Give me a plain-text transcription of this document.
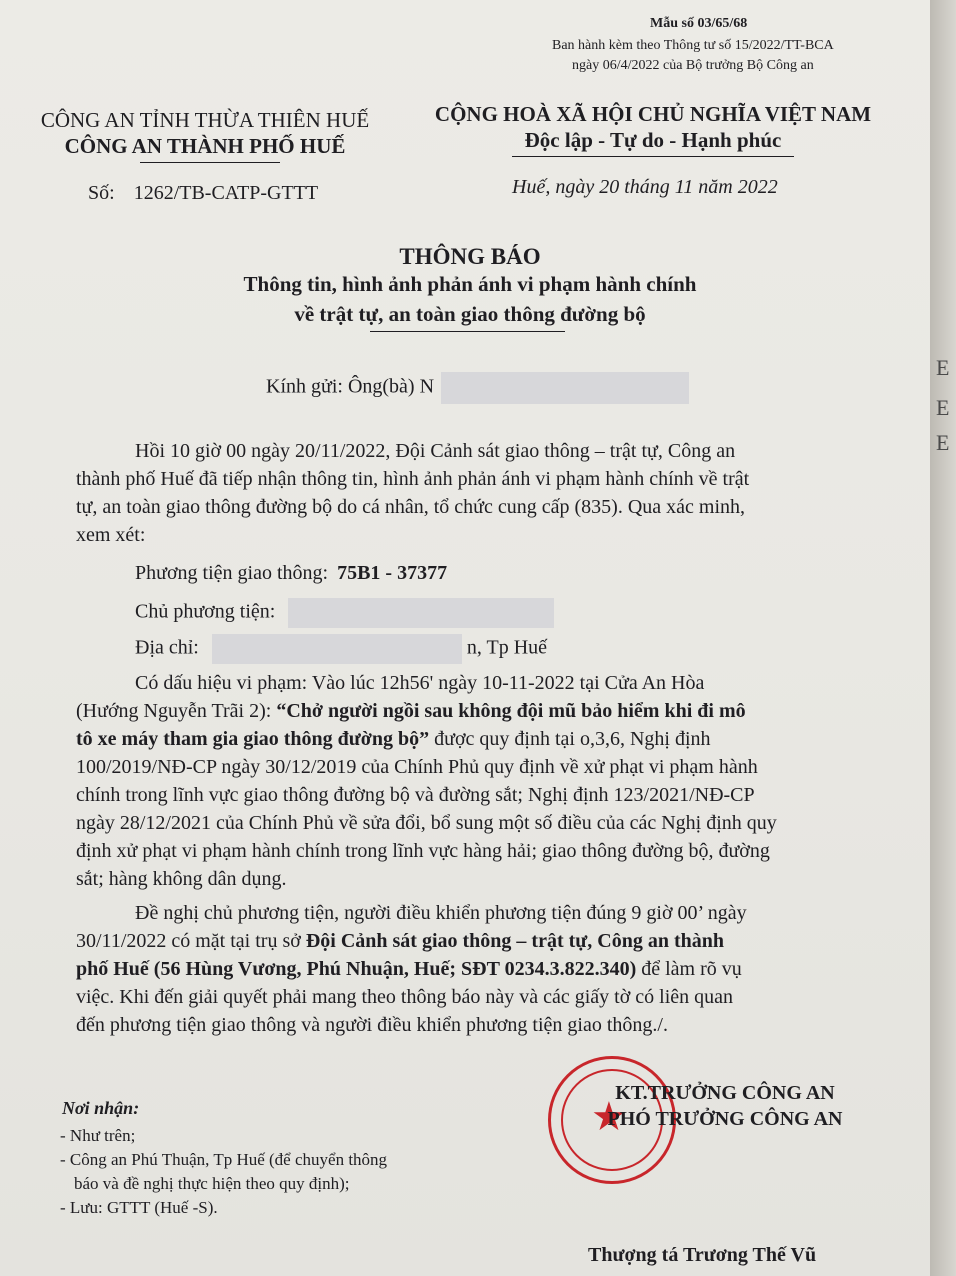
Mẫu số 03/65/68
Ban hành kèm theo Thông tư số 15/2022/TT-BCA
ngày 06/4/2022 của Bộ trưởng Bộ Công an
CÔNG AN TỈNH THỪA THIÊN HUẾ
CÔNG AN THÀNH PHỐ HUẾ
Số: 1262/TB-CATP-GTTT
CỘNG HOÀ XÃ HỘI CHỦ NGHĨA VIỆT NAM
Độc lập - Tự do - Hạnh phúc
Huế, ngày 20 tháng 11 năm 2022
THÔNG BÁO
Thông tin, hình ảnh phản ánh vi phạm hành chính
về trật tự, an toàn giao thông đường bộ
Kính gửi: Ông(bà) N
Hồi 10 giờ 00 ngày 20/11/2022, Đội Cảnh sát giao thông – trật tự, Công an
thành phố Huế đã tiếp nhận thông tin, hình ảnh phản ánh vi phạm hành chính về trật
tự, an toàn giao thông đường bộ do cá nhân, tổ chức cung cấp (835). Qua xác minh,
xem xét:
Phương tiện giao thông: 75B1 - 37377
Chủ phương tiện:
Địa chỉ:	n, Tp Huế
Có dấu hiệu vi phạm: Vào lúc 12h56' ngày 10-11-2022 tại Cửa An Hòa
(Hướng Nguyễn Trãi 2): “Chở người ngồi sau không đội mũ bảo hiểm khi đi mô
tô xe máy tham gia giao thông đường bộ” được quy định tại o,3,6, Nghị định
100/2019/NĐ-CP ngày 30/12/2019 của Chính Phủ quy định về xử phạt vi phạm hành
chính trong lĩnh vực giao thông đường bộ và đường sắt; Nghị định 123/2021/NĐ-CP
ngày 28/12/2021 của Chính Phủ về sửa đổi, bổ sung một số điều của các Nghị định quy
định xử phạt vi phạm hành chính trong lĩnh vực hàng hải; giao thông đường bộ, đường
sắt; hàng không dân dụng.
Đề nghị chủ phương tiện, người điều khiển phương tiện đúng 9 giờ 00’ ngày
30/11/2022 có mặt tại trụ sở Đội Cảnh sát giao thông – trật tự, Công an thành
phố Huế (56 Hùng Vương, Phú Nhuận, Huế; SĐT 0234.3.822.340) để làm rõ vụ
việc. Khi đến giải quyết phải mang theo thông báo này và các giấy tờ có liên quan
đến phương tiện giao thông và người điều khiển phương tiện giao thông./.
Nơi nhận:
- Như trên;
- Công an Phú Thuận, Tp Huế (để chuyển thông
báo và đề nghị thực hiện theo quy định);
- Lưu: GTTT (Huế -S).
★
KT.TRƯỞNG CÔNG AN
PHÓ TRƯỞNG CÔNG AN
Thượng tá Trương Thế Vũ
E
E
E
